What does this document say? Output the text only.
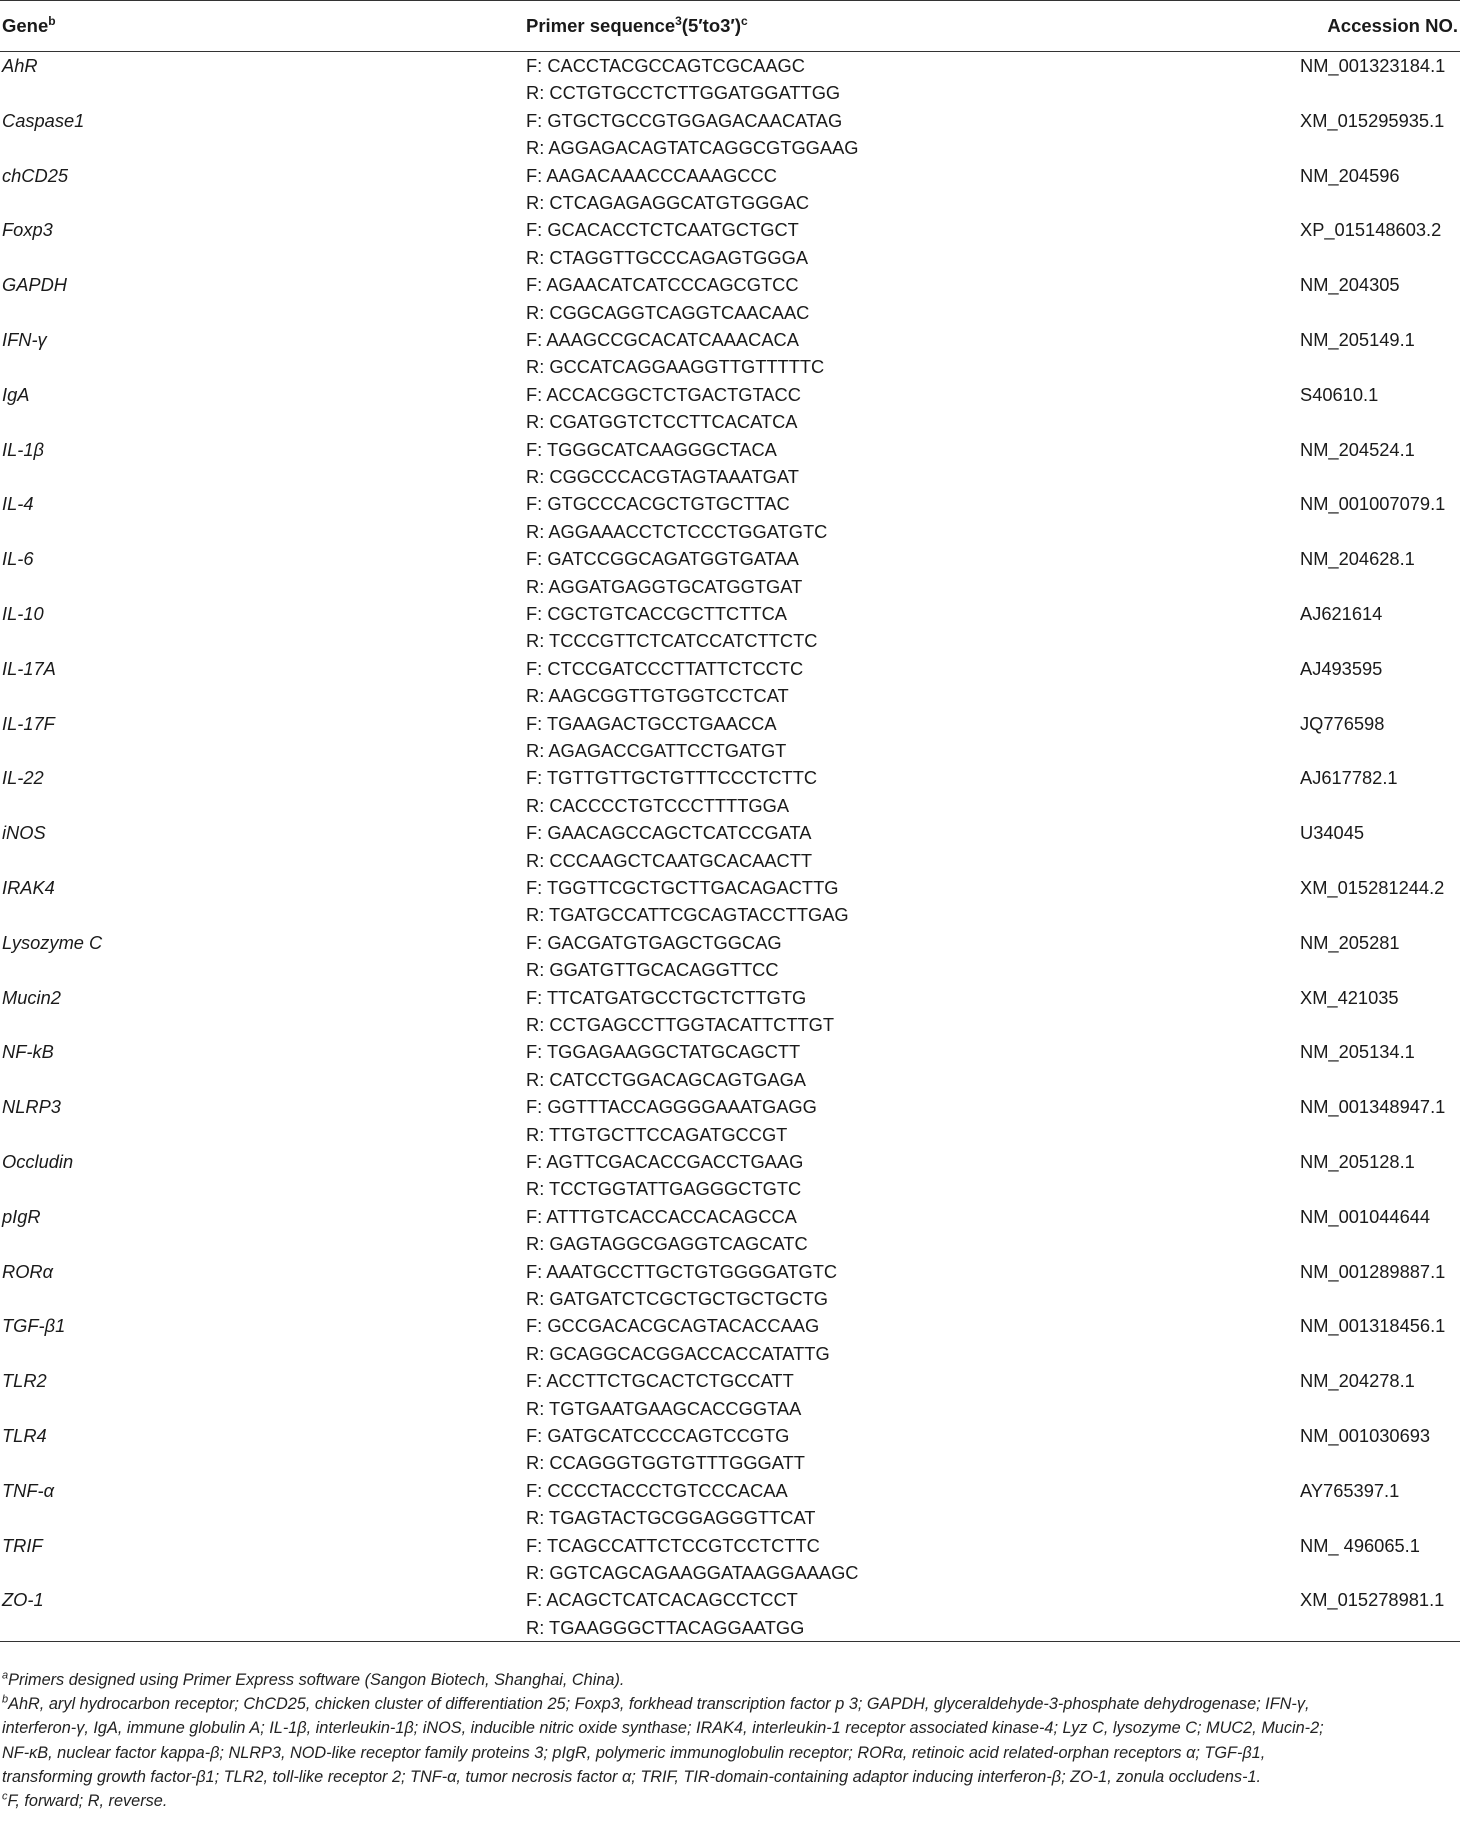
Gene$^b$	Primer $sequence^3(5'to3')^c$	Accession NO.
AhR	F: CACCTACGCCAGTCGCAAGC
R: CCTGTGCCTCTTGGATGGATTGG	NM_001323184.1
Caspase1	F: GTGCTGCCGTGGAGACAACATAG
R: AGGAGACAGTATCAGGCGTGGAAG	XM_015295935.1
chCD25	F: AAGACAAACCCAAAGCCC
R: CTCAGAGAGGCATGTGGGAC	NM_204596
Foxp3	F: GCACACCTCTCAATGCTGCT
R: CTAGGTTGCCCAGAGTGGGA	XP_015148603.2
GAPDH	F: AGAACATCATCCCAGCGTCC
R: CGGCAGGTCAGGTCAACAAC	NM_204305
IFN-γ	F: AAAGCCGCACATCAAACACA
R: GCCATCAGGAAGGTTGTTTTTC	NM_205149.1
IgA	F: ACCACGGCTCTGACTGTACC
R: CGATGGTCTCCTTCACATCA	S40610.1
IL-1β	F: TGGGCATCAAGGGCTACA
R: CGGCCCACGTAGTAAATGAT	NM_204524.1
IL-4	F: GTGCCCACGCTGTGCTTAC
R: AGGAAACCTCTCCCTGGATGTC	NM_001007079.1
IL-6	F: GATCCGGCAGATGGTGATAA
R: AGGATGAGGTGCATGGTGAT	NM_204628.1
IL-10	F: CGCTGTCACCGCTTCTTCA
R: TCCCGTTCTCATCCATCTTCTC	AJ621614
IL-17A	F: CTCCGATCCCTTATTCTCCTC
R: AAGCGGTTGTGGTCCTCAT	AJ493595
IL-17F	F: TGAAGACTGCCTGAACCA
R: AGAGACCGATTCCTGATGT	JQ776598
IL-22	F: TGTTGTTGCTGTTTCCCTCTTC
R: CACCCCTGTCCCTTTTGGA	AJ617782.1
iNOS	F: GAACAGCCAGCTCATCCGATA
R: CCCAAGCTCAATGCACAACTT	U34045
IRAK4	F: TGGTTCGCTGCTTGACAGACTTG
R: TGATGCCATTCGCAGTACCTTGAG	XM_015281244.2
Lysozyme C	F: GACGATGTGAGCTGGCAG
R: GGATGTTGCACAGGTTCC	NM_205281
Mucin2	F: TTCATGATGCCTGCTCTTGTG
R: CCTGAGCCTTGGTACATTCTTGT	XM_421035
NF-kB	F: TGGAGAAGGCTATGCAGCTT
R: CATCCTGGACAGCAGTGAGA	NM_205134.1
NLRP3	F: GGTTTACCAGGGGAAATGAGG
R: TTGTGCTTCCAGATGCCGT	NM_001348947.1
Occludin	F: AGTTCGACACCGACCTGAAG
R: TCCTGGTATTGAGGGCTGTC	NM_205128.1
pIgR	F: ATTTGTCACCACCACAGCCA
R: GAGTAGGCGAGGTCAGCATC	NM_001044644
RORα	F: AAATGCCTTGCTGTGGGGATGTC
R: GATGATCTCGCTGCTGCTGCTG	NM_001289887.1
TGF-β1	F: GCCGACACGCAGTACACCAAG
R: GCAGGCACGGACCACCATATTG	NM_001318456.1
TLR2	F: ACCTTCTGCACTCTGCCATT
R: TGTGAATGAAGCACCGGTAA	NM_204278.1
TLR4	F: GATGCATCCCCAGTCCGTG
R: CCAGGGTGGTGTTTGGGATT	NM_001030693
TNF-α	F: CCCCTACCCTGTCCCACAA
R: TGAGTACTGCGGAGGGTTCAT	AY765397.1
TRIF	F: TCAGCCATTCTCCGTCCTCTTC
R: GGTCAGCAGAAGGATAAGGAAAGC	NM_ 496065.1
ZO-1	F: ACAGCTCATCACAGCCTCCT
R: TGAAGGGCTTACAGGAATGG	XM_015278981.1
$^a$Primers designed using Primer Express software (Sangon Biotech, Shanghai, China).
$^b$AhR, aryl hydrocarbon receptor; ChCD25, chicken cluster of differentiation 25; Foxp3, forkhead transcription factor p 3; GAPDH, glyceraldehyde-3-phosphate dehydrogenase; IFN-γ,
interferon-γ, IgA, immune globulin A; IL-1β, interleukin-1β; iNOS, inducible nitric oxide synthase; IRAK4, interleukin-1 receptor associated kinase-4; Lyz C, lysozyme C; MUC2, Mucin-2;
NF-κB, nuclear factor kappa-β; NLRP3, NOD-like receptor family proteins 3; pIgR, polymeric immunoglobulin receptor; RORα, retinoic acid related-orphan receptors α; TGF-β1,
transforming growth factor-β1; TLR2, toll-like receptor 2; TNF-α, tumor necrosis factor α; TRIF, TIR-domain-containing adaptor inducing interferon-β; ZO-1, zonula occludens-1.
$^c$F, forward; R, reverse.
